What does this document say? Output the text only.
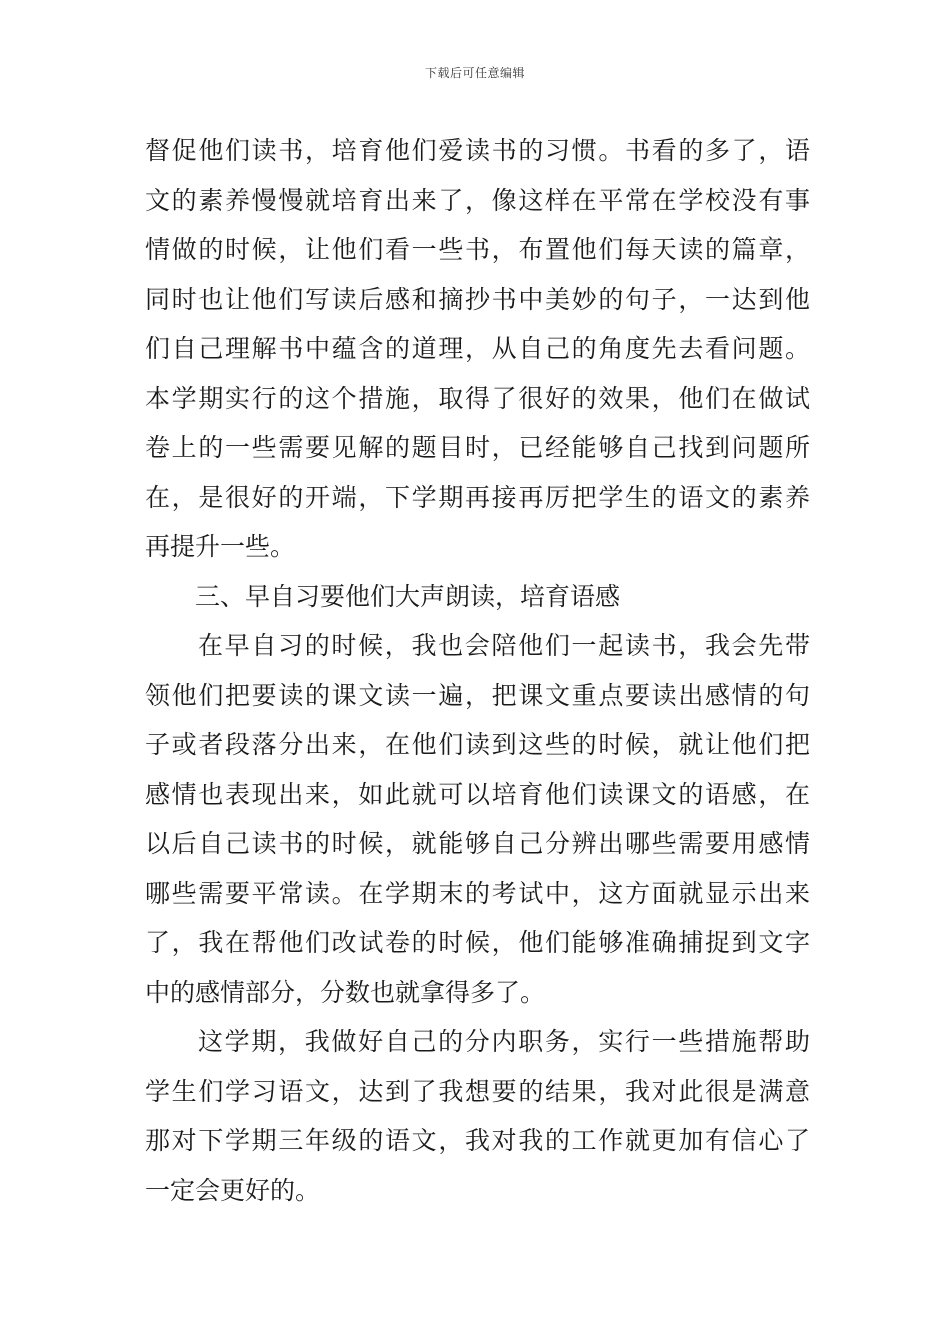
下载后可任意编辑
督促他们读书，培育他们爱读书的习惯。书看的多了，语
文的素养慢慢就培育出来了，像这样在平常在学校没有事
情做的时候，让他们看一些书，布置他们每天读的篇章，
同时也让他们写读后感和摘抄书中美妙的句子，一达到他
们自己理解书中蕴含的道理，从自己的角度先去看问题。
本学期实行的这个措施，取得了很好的效果，他们在做试
卷上的一些需要见解的题目时，已经能够自己找到问题所
在，是很好的开端，下学期再接再厉把学生的语文的素养
再提升一些。
三、早自习要他们大声朗读，培育语感
在早自习的时候，我也会陪他们一起读书，我会先带
领他们把要读的课文读一遍，把课文重点要读出感情的句
子或者段落分出来，在他们读到这些的时候，就让他们把
感情也表现出来，如此就可以培育他们读课文的语感，在
以后自己读书的时候，就能够自己分辨出哪些需要用感情
哪些需要平常读。在学期末的考试中，这方面就显示出来
了，我在帮他们改试卷的时候，他们能够准确捕捉到文字
中的感情部分，分数也就拿得多了。
这学期，我做好自己的分内职务，实行一些措施帮助
学生们学习语文，达到了我想要的结果，我对此很是满意
那对下学期三年级的语文，我对我的工作就更加有信心了
一定会更好的。
